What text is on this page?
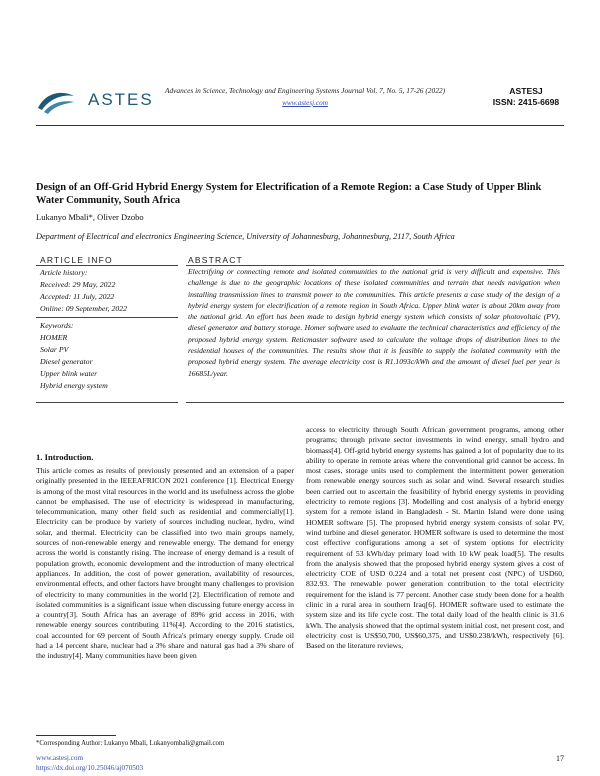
ASTES	Advances in Science, Technology and Engineering Systems Journal Vol. 7, No. 5, 17-26 (2022)
www.astesj.com
ASTESJ
ISSN: 2415-6698
Design of an Off-Grid Hybrid Energy System for Electrification of a Remote Region: a Case Study of Upper Blink Water Community, South Africa
Lukanyo Mbali*, Oliver Dzobo
Department of Electrical and electronics Engineering Science, University of Johannesburg, Johannesburg, 2117, South Africa
ARTICLE INFO	ABSTRACT
Article history:
Received: 29 May, 2022
Accepted: 11 July, 2022
Online: 09 September, 2022
Keywords:
HOMER
Solar PV
Diesel generator
Upper blink water
Hybrid energy system
Electrifying or connecting remote and isolated communities to the national grid is very difficult and expensive. This challenge is due to the geographic locations of these isolated communities and terrain that needs navigation when installing transmission lines to transmit power to the communities. This article presents a case study of the design of a hybrid energy system for electrification of a remote region in South Africa. Upper blink water is about 20km away from the national grid. An effort has been made to design hybrid energy system which consists of solar photovoltaic (PV), diesel generator and battery storage. Homer software used to evaluate the technical characteristics and efficiency of the proposed hybrid energy system. Reticmaster software used to calculate the voltage drops of distribution lines to the residential houses of the communities. The results show that it is feasible to supply the isolated community with the proposed hybrid energy system. The average electricity cost is R1.1093c/kWh and the amount of diesel fuel per year is 16685L/year.
1. Introduction.

This article comes as results of previously presented and an extension of a paper originally presented in the IEEEAFRICON 2021 conference [1]. Electrical Energy is among of the most vital resources in the world and its usefulness across the globe cannot be emphasised. The use of electricity is widespread in manufacturing, telecommunication, many other field such as residential and commercially[1]. Electricity can be produce by variety of sources including nuclear, hydro, wind solar, and thermal. Electricity can be classified into two main groups namely, sources of non-renewable energy and renewable energy. The demand for energy across the world is constantly rising. The increase of energy demand is a result of population growth, economic development and the introduction of many electrical appliances. In addition, the cost of power generation, availability of resources, environmental effects, and other factors have brought many challenges to provision of electricity to many communities in the world [2]. Electrification of remote and isolated communities is a significant issue when discussing future energy access in a country[3]. South Africa has an average of 89% grid access in 2016, with renewable energy sources contributing 11%[4]. According to the 2016 statistics, coal accounted for 69 percent of South Africa's primary energy supply. Crude oil had a 14 percent share, nuclear had a 3% share and natural gas had a 3% share of the industry[4]. Many communities have been given

access to electricity through South African government programs, among other programs; through private sector investments in wind energy, small hydro and biomass[4]. Off-grid hybrid energy systems has gained a lot of popularity due to its ability to operate in remote areas where the conventional grid cannot be access. In most cases, storage units used to complement the intermittent power generation from renewable energy sources such as solar and wind. Several research studies been carried out to ascertain the feasibility of hybrid energy systems in providing electricity to remote regions [3]. Modelling and cost analysis of a hybrid energy system for a remote island in Bangladesh - St. Martin Island were done using HOMER software [5]. The proposed hybrid energy system consists of solar PV, wind turbine and diesel generator. HOMER software is used to determine the most cost effective configurations among a set of system options for electricity requirement of 53 kWh/day primary load with 10 kW peak load[5]. The results from the analysis showed that the proposed hybrid energy system gives a cost of electricity COE of USD 0.224 and a total net present cost (NPC) of USD60, 832.93. The renewable power generation contribution to the total electricity requirement for the island is 77 percent. Another case study been done for a health clinic in a rural area in southern Iraq[6]. HOMER software used to estimate the system size and its life cycle cost. The total daily load of the health clinic is 31.6 kWh. The analysis showed that the optimal system initial cost, net present cost, and electricity cost is US$50,700, US$60,375, and US$0.238/kWh, respectively [6]. Based on the literature reviews,

*Corresponding Author: Lukanyo Mbali, Lukanyombali@gmail.com
www.astesj.com
https://dx.doi.org/10.25046/aj070503
17
